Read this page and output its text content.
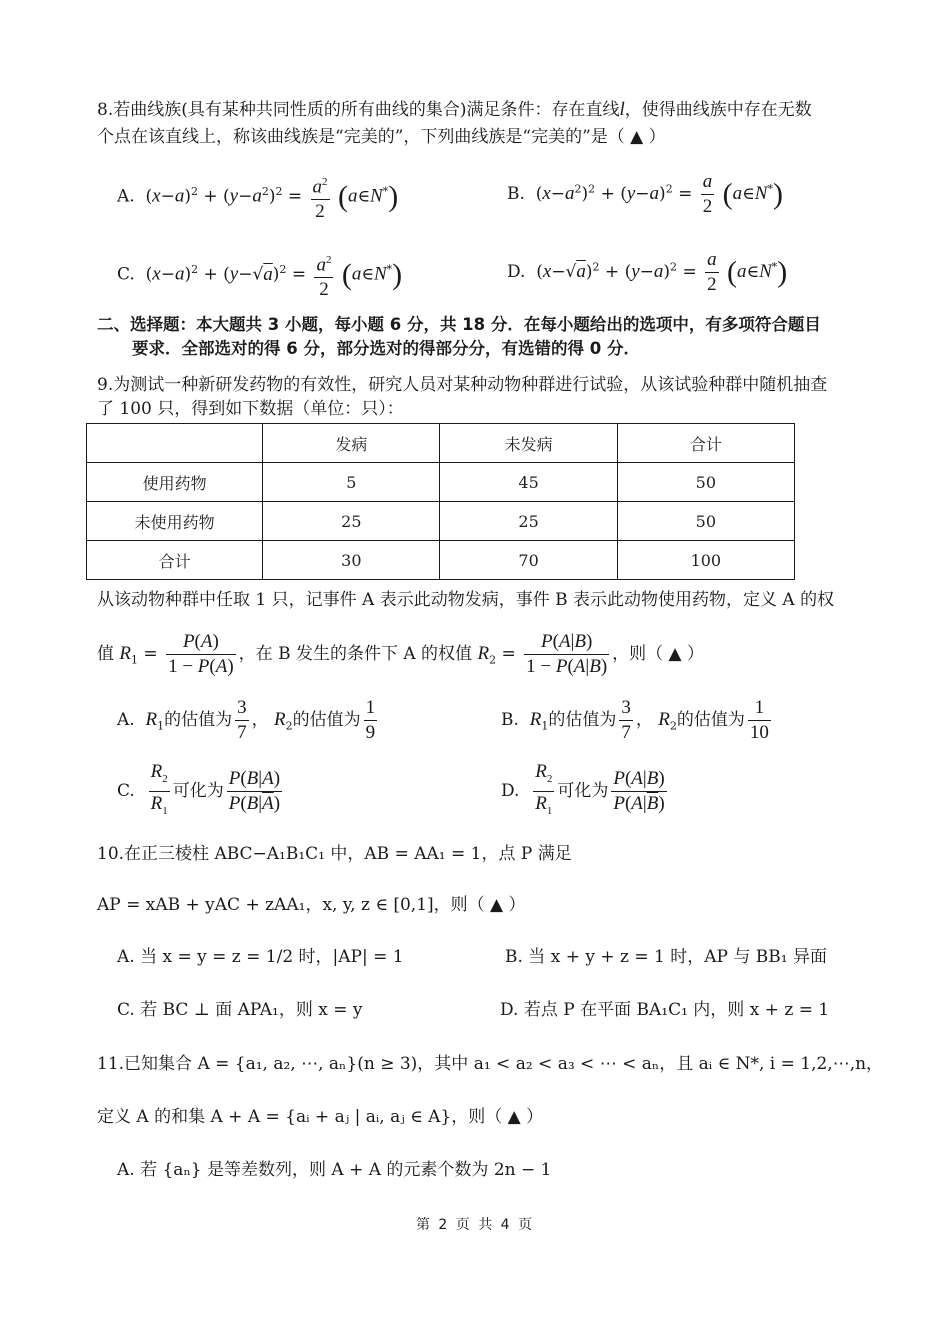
8.若曲线族(具有某种共同性质的所有曲线的集合)满足条件：存在直线l，使得曲线族中存在无数
个点在该直线上，称该曲线族是“完美的”，下列曲线族是“完美的”是（ ▲ ）
A.  $(x-a)^2 + (y-a^2)^2 = \frac{a^2}{2}$ (a∈N*)	B.  $(x-a^2)^2 + (y-a)^2 = \frac{a}{2}$ (a∈N*)
C.  $(x-a)^2 + (y-√a)^2 = \frac{a^2}{2}$ (a∈N*)	D.  $(x-√a)^2 + (y-a)^2 = \frac{a}{2}$ (a∈N*)
二、选择题：本大题共 3 小题，每小题 6 分，共 18 分．在每小题给出的选项中，有多项符合题目
要求．全部选对的得 6 分，部分选对的得部分分，有选错的得 0 分．
9.为测试一种新研发药物的有效性，研究人员对某种动物种群进行试验，从该试验种群中随机抽查
了 100 只，得到如下数据（单位：只）：
	发病	未发病	合计
使用药物	5	45	50
未使用药物	25	25	50
合计	30	70	100
从该动物种群中任取 1 只，记事件 A 表示此动物发病，事件 B 表示此动物使用药物，定义 A 的权
值 $R_1 = \frac{P(A)}{1 - P(A)}$ ，在 B 发生的条件下 A 的权值 $R_2 = \frac{P(A|B)}{1 - P(A|B)}$ ，则（ ▲ ）
A. $R_1$的估值为 $\frac{3}{7}$ ， $R_2$的估值为 $\frac{1}{9}$	B. $R_1$的估值为 $\frac{3}{7}$ ， $R_2$的估值为 $\frac{1}{10}$
C. $\frac{R_2}{R_1}$ 可化为 $\frac{P(B|A)}{P(B|\overline{A})}$	D. $\frac{R_2}{R_1}$ 可化为 $\frac{P(A|B)}{P(A|\overline{B})}$
10.在正三棱柱 ABC−A₁B₁C₁ 中，AB = AA₁ = 1，点 P 满足
AP = xAB + yAC + zAA₁，x, y, z ∈ [0,1]，则（ ▲ ）
A. 当 x = y = z = 1/2 时，|AP| = 1	B. 当 x + y + z = 1 时，AP 与 BB₁ 异面
C. 若 BC ⊥ 面 APA₁，则 x = y	D. 若点 P 在平面 BA₁C₁ 内，则 x + z = 1
11.已知集合 A = {a₁, a₂, ⋯, aₙ}(n ≥ 3)，其中 a₁ < a₂ < a₃ < ⋯ < aₙ，且 aᵢ ∈ N*, i = 1,2,⋯,n，
定义 A 的和集 A + A = {aᵢ + aⱼ | aᵢ, aⱼ ∈ A}，则（ ▲ ）
A. 若 {aₙ} 是等差数列，则 A + A 的元素个数为 2n − 1
第 2 页 共 4 页
